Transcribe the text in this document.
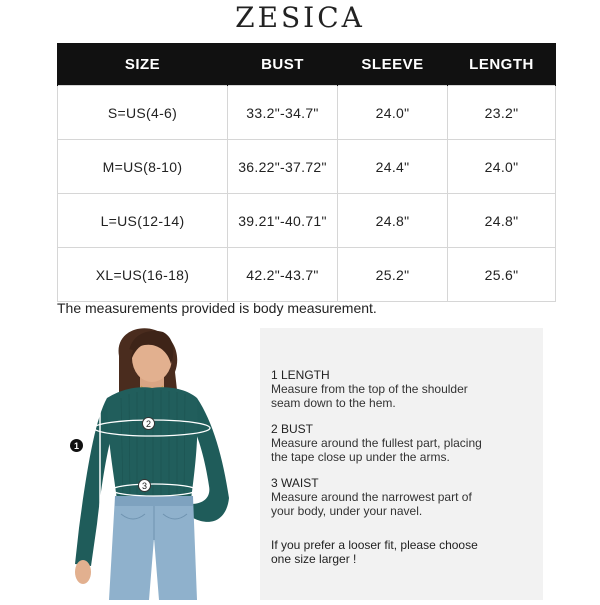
ZESICA
SIZE	BUST	SLEEVE	LENGTH
S=US(4-6)	33.2"-34.7"	24.0"	23.2"
M=US(8-10)	36.22"-37.72"	24.4"	24.0"
L=US(12-14)	39.21"-40.71"	24.8"	24.8"
XL=US(16-18)	42.2"-43.7"	25.2"	25.6"
The measurements provided is body measurement.
1
2
3
1 LENGTH
Measure from the top of the shoulder
seam down to the hem.
2 BUST
Measure around the fullest part, placing
the tape close up under the arms.
3 WAIST
Measure around the narrowest part of
your body, under your navel.
If you prefer a looser fit, please choose
one size larger !
